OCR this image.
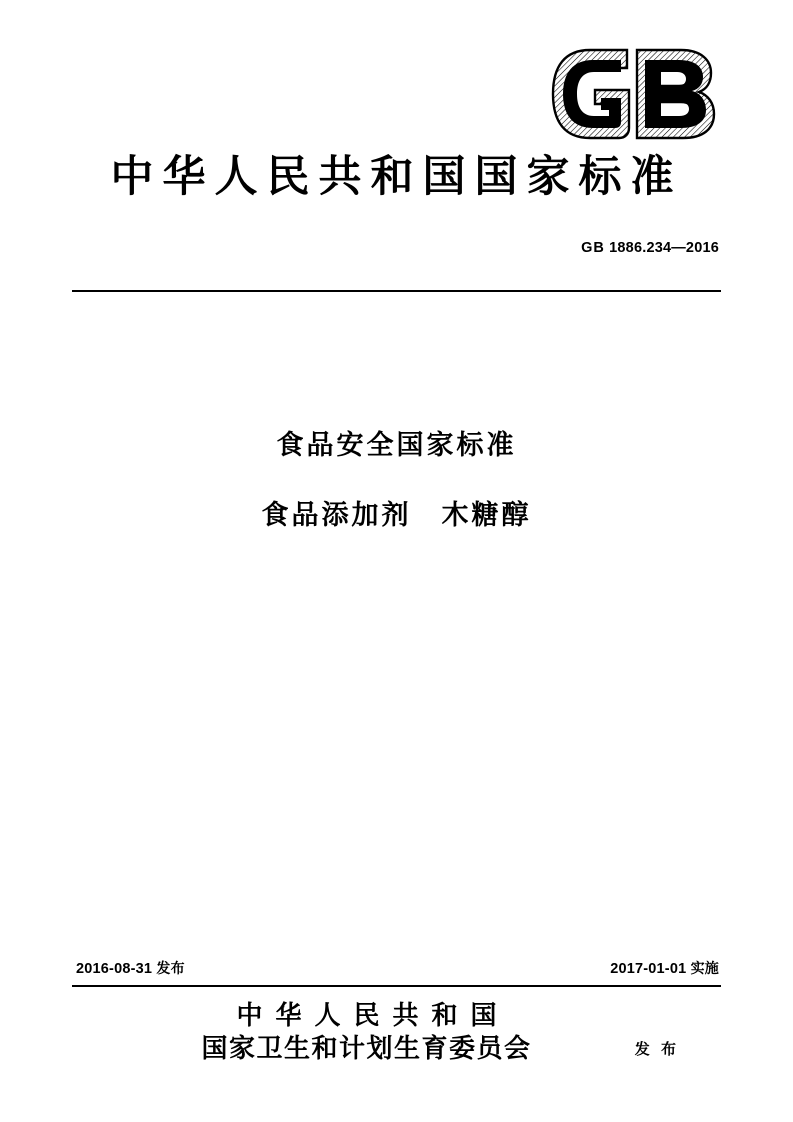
中华人民共和国国家标准
GB 1886.234—2016
食品安全国家标准
食品添加剂　木糖醇
2016-08-31 发布	2017-01-01 实施
中华人民共和国
国家卫生和计划生育委员会	发 布
